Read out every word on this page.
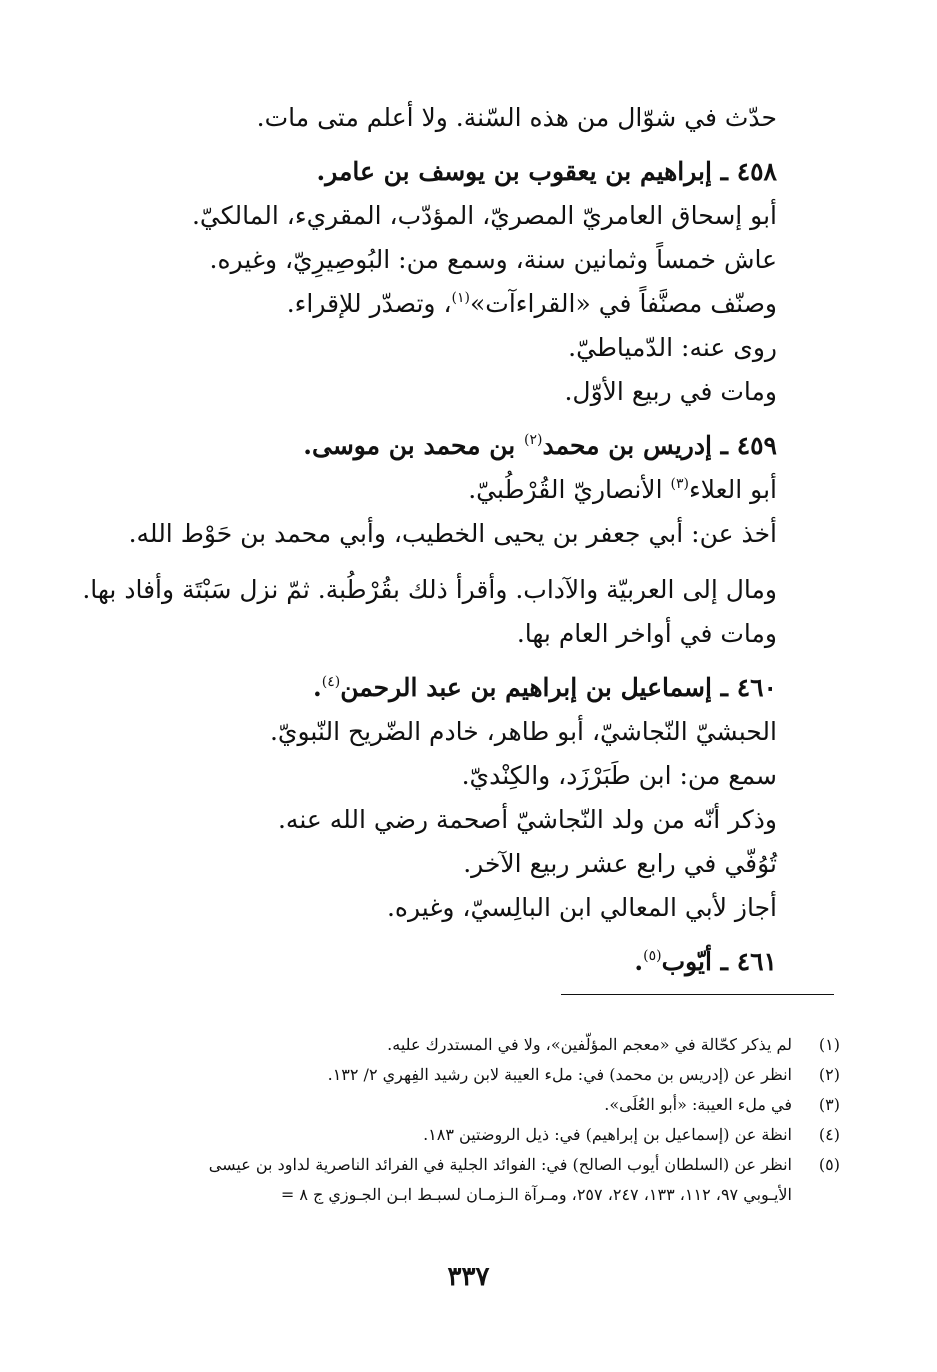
حدّث في شوّال من هذه السّنة. ولا أعلم متى مات.
٤٥٨ ـ إبراهيم بن يعقوب بن يوسف بن عامر.
أبو إسحاق العامريّ المصريّ، المؤدّب، المقريء، المالكيّ.
عاش خمساً وثمانين سنة، وسمع من: البُوصِيرِيّ، وغيره.
وصنّف مصنَّفاً في «القراءآت»$^{(١)}$، وتصدّر للإقراء.
روى عنه: الدّمياطيّ.
ومات في ربيع الأوّل.
٤٥٩ ـ إدريس بن محمد$^{(٢)}$ بن محمد بن موسى.
أبو العلاء$^{(٣)}$ الأنصاريّ القُرْطُبيّ.
أخذ عن: أبي جعفر بن يحيى الخطيب، وأبي محمد بن حَوْط الله.
ومال إلى العربيّة والآداب. وأقرأ ذلك بقُرْطُبة. ثمّ نزل سَبْتَة وأفاد بها.
ومات في أواخر العام بها.
٤٦٠ ـ إسماعيل بن إبراهيم بن عبد الرحمن$^{(٤)}$.
الحبشيّ النّجاشيّ، أبو طاهر، خادم الضّريح النّبويّ.
سمع من: ابن طَبَرْزَد، والكِنْديّ.
وذكر أنّه من ولد النّجاشيّ أصحمة رضي الله عنه.
تُوُفّي في رابع عشر ربيع الآخر.
أجاز لأبي المعالي ابن البالِسيّ، وغيره.
٤٦١ ـ أيّوب$^{(٥)}$.
(١)
لم يذكر كحّالة في «معجم المؤلّفين»، ولا في المستدرك عليه.
(٢)
انظر عن (إدريس بن محمد) في: ملء العيبة لابن رشيد الفِهري ٢/ ١٣٢.
(٣)
في ملء العيبة: «أبو العُلَى».
(٤)
انظة عن (إسماعيل بن إبراهيم) في: ذيل الروضتين ١٨٣.
(٥)
انظر عن (السلطان أيوب الصالح) في: الفوائد الجلية في الفرائد الناصرية لداود بن عيسى
الأيـوبي ٩٧، ١١٢، ١٣٣، ٢٤٧، ٢٥٧، ومـرآة الـزمـان لسبـط ابـن الجـوزي ج ٨ =
٣٣٧
